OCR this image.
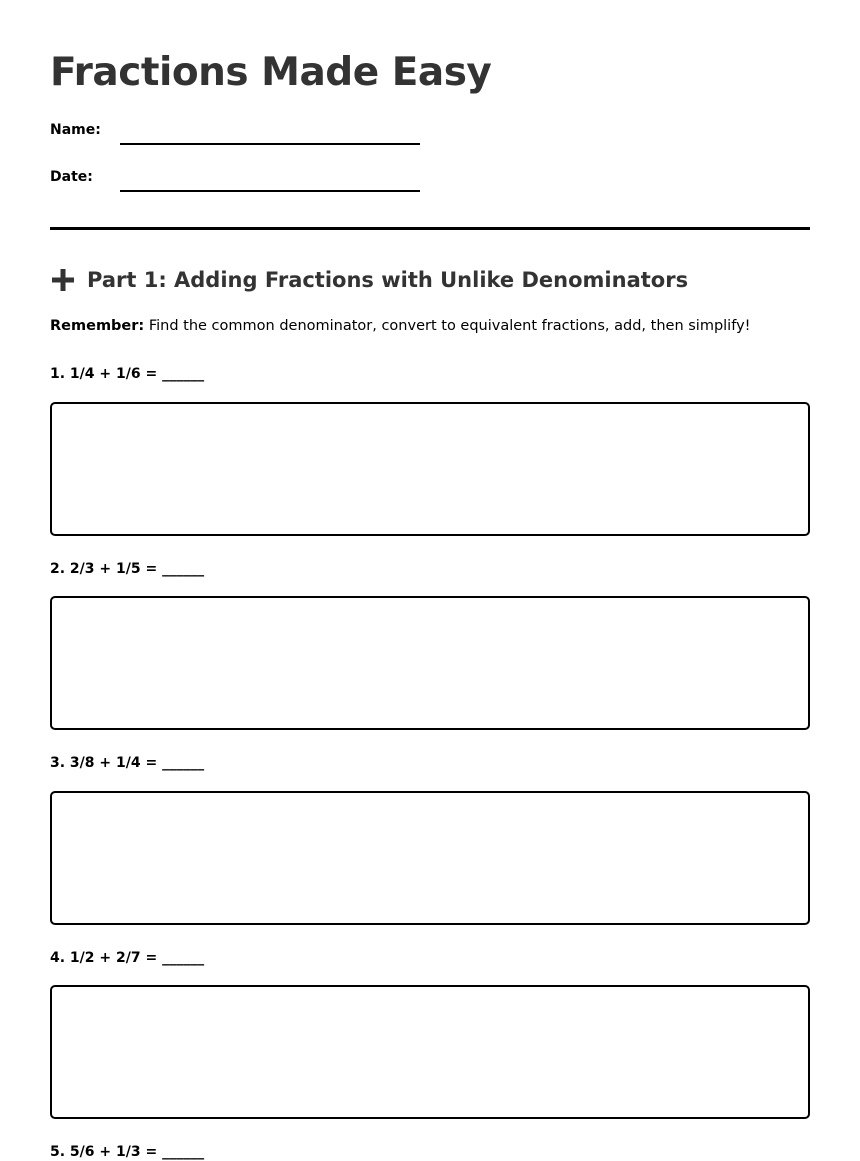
Fractions Made Easy
Name:
Date:
Part 1: Adding Fractions with Unlike Denominators
Remember: Find the common denominator, convert to equivalent fractions, add, then simplify!
1. 1/4 + 1/6 = ______
2. 2/3 + 1/5 = ______
3. 3/8 + 1/4 = ______
4. 1/2 + 2/7 = ______
5. 5/6 + 1/3 = ______
